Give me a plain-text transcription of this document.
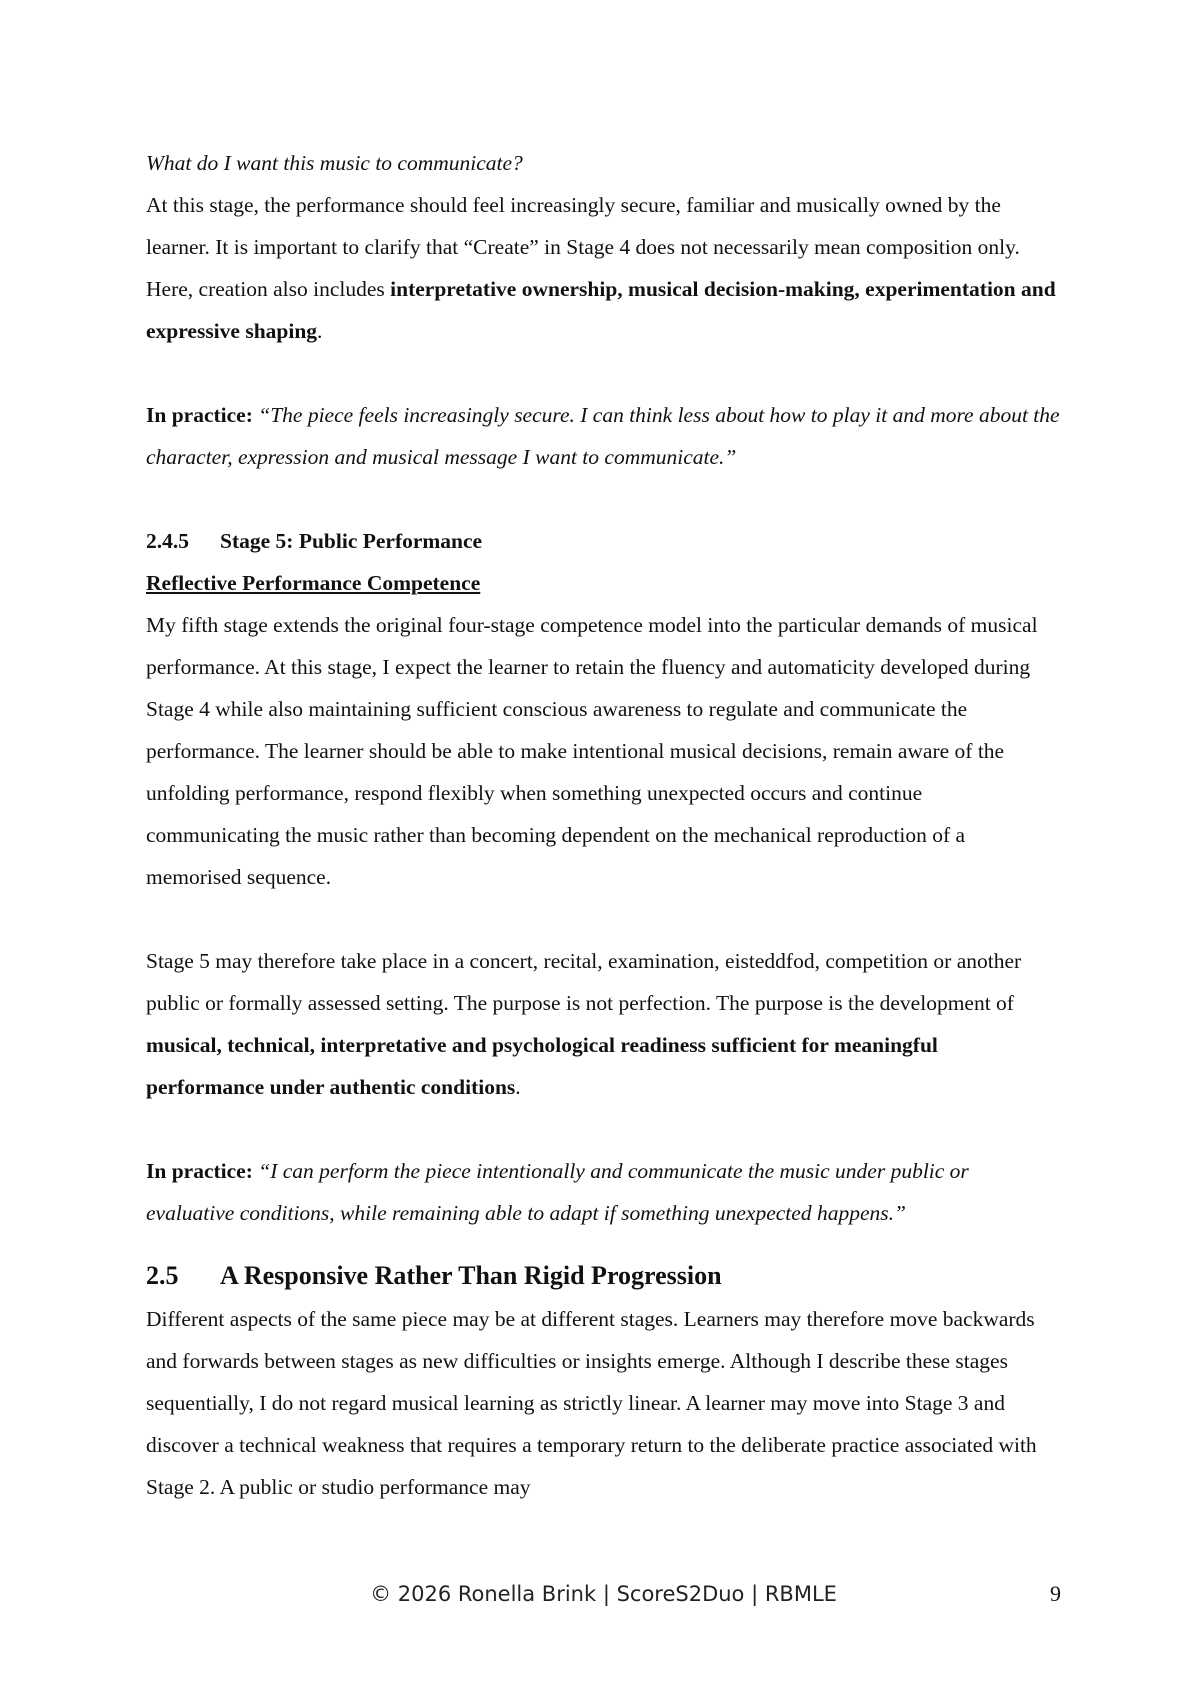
What do I want this music to communicate?

At this stage, the performance should feel increasingly secure, familiar and musically owned by the learner. It is important to clarify that “Create” in Stage 4 does not necessarily mean composition only. Here, creation also includes interpretative ownership, musical decision-making, experimentation and expressive shaping.

In practice: “The piece feels increasingly secure. I can think less about how to play it and more about the character, expression and musical message I want to communicate.”

2.4.5 Stage 5: Public Performance

Reflective Performance Competence

My fifth stage extends the original four-stage competence model into the particular demands of musical performance. At this stage, I expect the learner to retain the fluency and automaticity developed during Stage 4 while also maintaining sufficient conscious awareness to regulate and communicate the performance. The learner should be able to make intentional musical decisions, remain aware of the unfolding performance, respond flexibly when something unexpected occurs and continue communicating the music rather than becoming dependent on the mechanical reproduction of a memorised sequence.

Stage 5 may therefore take place in a concert, recital, examination, eisteddfod, competition or another public or formally assessed setting. The purpose is not perfection. The purpose is the development of musical, technical, interpretative and psychological readiness sufficient for meaningful performance under authentic conditions.

In practice: “I can perform the piece intentionally and communicate the music under public or evaluative conditions, while remaining able to adapt if something unexpected happens.”

2.5 A Responsive Rather Than Rigid Progression

Different aspects of the same piece may be at different stages. Learners may therefore move backwards and forwards between stages as new difficulties or insights emerge. Although I describe these stages sequentially, I do not regard musical learning as strictly linear. A learner may move into Stage 3 and discover a technical weakness that requires a temporary return to the deliberate practice associated with Stage 2. A public or studio performance may

© 2026 Ronella Brink | ScoreS2Duo | RBMLE	9
